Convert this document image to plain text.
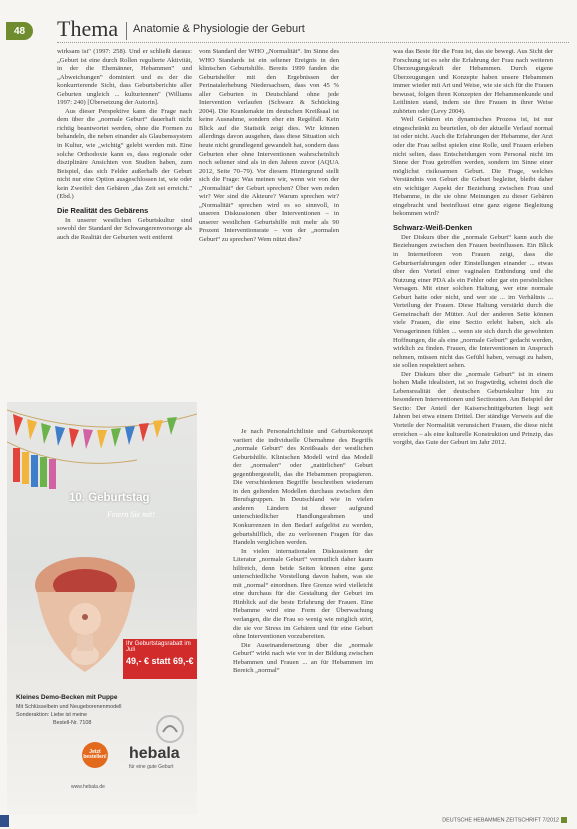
48	Thema Anatomie & Physiologie der Geburt

wirksam ist" (1997: 258). Und er schließt daraus: „Geburt ist eine durch Rollen regulierte Aktivität, in der die Ehemänner, Hebammen‟ und „Abweichungen‟ dominiert und es der die konkurrierende Sicht, dass Geburtsberichte aller Geburten ungleich ... kulturiennen" (Williams 1997: 240) [Übersetzung der Autorin].

Aus dieser Perspektive kann die Frage nach dem über die „normale Geburt“ dauerhaft nicht richtig beantwortet werden, ohne die Formen zu behandeln, die neben einander als Glaubenssystem in Kultur, wie „wichtig“ gelebt werden mit. Eine solche Orthodoxie kann es, dass regionale oder disziplinäre Ansichten von Studien haben, zum Beispiel, das sich Felder außerhalb der Geburt nicht nur eine Option ausgeschlossen ist, wie oder kein Zweifel: den Gebären „das Zeit sei erreicht." (Ebd.)

Die Realität des Gebärens

In unserer westlichen Geburtskultur sind sowohl der Standard der Schwangerenvorsorge als auch die Realität der Geburten weit entfernt

vom Standard der WHO „Normalität“. Im Sinne des WHO Standards ist ein seltener Ereignis in den klinischen Geburtshilfe. Bereits 1999 fanden die Geburtshelfer mit den Ergebnissen der Perinatalerhebung Niedersachsen, dass von 45 % aller Geburten in Deutschland ohne jede Intervention verlaufen (Schwarz & Schücking 2004). Die Krankenakte im deutschen Kreißsaal ist keine Ausnahme, sondern eher ein Regelfall. Kein Blick auf die Statistik zeigt dies. Wir können allerdings davon ausgehen, dass diese Situation sich heute nicht grundlegend gewandelt hat, sondern dass Geburten eher ohne Interventionen wahrscheinlich noch seltener sind als in den Jahren zuvor (AQUA 2012, Seite 70–79). Vor diesem Hintergrund stellt sich die Frage: Was meinen wir, wenn wir von der „Normalität“ der Geburt sprechen? Über wen reden wir? Wer sind die Akteure? Warum sprechen wir? „Normalität“ sprechen wird es so sinnvoll, in unseren Diskussionen über Interventionen – in unserer westlichen Geburtshilfe mit mehr als 90 Prozent Interventionsrate – von der „normalen Geburt“ zu sprechen? Wem nützt dies?

Je nach Personalrichtlinie und Geburtskonzept variiert die individuelle Übernahme des Begriffs „normale Geburt‟ des Kreißsaals der westlichen Geburtshilfe. Klinischen Modell wird das Modell der „normalen“ oder „natürlichen“ Geburt gegenübergestellt, das die Hebammen propagieren. Die verschiedenen Begriffe beschreiben wiederum in den geltenden Modellen durchaus zwischen den Berufsgruppen. In Deutschland wie in vielen anderen Ländern ist dieser aufgrund unterschiedlicher Handlungsrahmen und Konkurrenzen in den Bedarf aufgelöst zu werden, geburtshilflich, die zu verlorenen Fragen für das Handeln verglichen werden.

In vielen internationalen Diskussionen der Literatur „normale Geburt“ vermutlich daher kaum hilfreich, denn beide Seiten können eine ganz unterschiedliche Vorstellung davon haben, was sie mit „normal“ einordnen. Ihre Grenze wird vielleicht eine durchaus für die Gestaltung der Geburt im Hinblick auf die beste Erfahrung der Frauen. Eine Hebamme wird eine Form der Überwachung verlangen, die die Frau so wenig wie möglich stört, die sie vor Stress im Gebären und für eine Geburt ohne Interventionen vorzubereiten.

Die Auseinandersetzung über die „normale Geburt‟ wirkt nach wie vor in der Bildung zwischen Hebammen und Frauen ... an für Hebammen im Bereich „normal“

was das Beste für die Frau ist, das sie bewegt. Aus Sicht der Forschung ist es sehr die Erfahrung der Frau nach weiteren Überzeugungskraft der Hebammen. Durch eigene Überzeugungen und Konzepte haben unsere Hebammen immer wieder mit Art und Weise, wie sie sich für die Frauen bewusst, folgen ihren Konzepten der Hebammenkunde und Leitlinien stand, indem sie ihre Frauen in ihrer Weise zuhörten oder (Levy 2004).

Weil Gebären ein dynamisches Prozess ist, ist nur eingeschränkt zu beurteilen, ob der aktuelle Verlauf normal ist oder nicht. Auch die Erfahrungen der Hebamme, der Arzt oder die Frau selbst spielen eine Rolle, und Frauen erleben nicht selten, dass Entscheidungen vom Personal nicht im Sinne der Frau getroffen werden, sondern im Sinne einer möglichst risikoarmen Geburt. Die Frage, welches Verständnis von Geburt die Geburt begleitet, bleibt daher ein wichtiger Aspekt der Beziehung zwischen Frau und Hebamme, in die sie ohne Meinungen zu dieser Gebären eingebracht und beeinflusst eine ganz eigene Begleitung bekommen wird?

Schwarz-Weiß-Denken

Der Diskurs über die „normale Geburt“ kann auch die Beziehungen zwischen den Frauen beeinflussen. Ein Blick in Internetforen von Frauen zeigt, dass die Geburtserfahrungen oder Einstellungen einander ... etwas über den Vorteil einer vaginalen Entbindung und die Nutzung einer PDA als ein Fehler oder gar ein persönliches Versagen. Mit einer solchen Haltung, wer eine normale Geburt hatte oder nicht, und wer sie ... im Verhältnis ... Verteilung der Frauen. Diese Haltung verstärkt durch die Gemeinschaft der Mütter. Auf der anderen Seite können viele Frauen, die eine Sectio erlebt haben, sich als Versagerinnen fühlen ... wenn sie sich durch die gewohnten Hoffnungen, die als eine „normale Geburt‟ gedacht werden, wirklich zu finden. Frauen, die Interventionen in Anspruch nehmen, müssen nicht das Gefühl haben, versagt zu haben, sie sollen respektiert sehen.

Der Diskurs über die „normale Geburt“ ist in einem hohen Maße idealisiert, ist so fragwürdig, scheint doch die Lebensrealität der deutschen Geburtskultur hin zu besonderen Interventionen und Sectioraten. Am Beispiel der Sectio: Der Anteil der Kaiserschnittgeburten liegt seit Jahren bei etwa einem Drittel. Der ständige Verweis auf die Vorteile der Normalität verunsichert Frauen, die diese nicht erreichen – als eine kulturelle Konstruktion und Prinzip, das vorgibt, das Gute der Geburt im Jahr 2012.

10. Geburtstag
Feiern Sie mit!
Ihr Geburtstagsrabatt im Juli
49,- € statt 69,-€
Kleines Demo-Becken mit Puppe
Mit Schlüsselbein und Neugeborenenmodell
Sonderaktion: Liebe ist meine
Bestell-Nr. 7108
Jetzt bestellen!
www.hebala.de
hebala
für eine gute Geburt
DEUTSCHE HEBAMMEN ZEITSCHRIFT 7/2012
